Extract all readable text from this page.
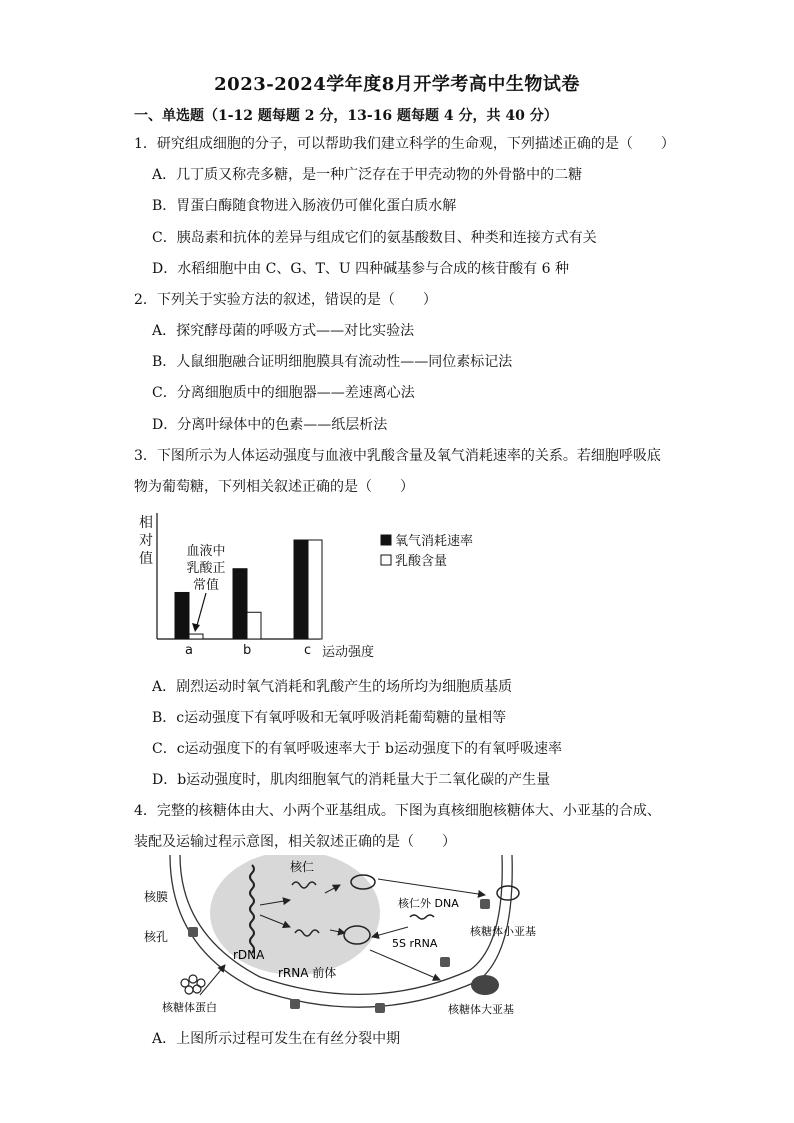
2023-2024学年度8月开学考高中生物试卷
一、单选题（1-12 题每题 2 分，13-16 题每题 4 分，共 40 分）
1．研究组成细胞的分子，可以帮助我们建立科学的生命观，下列描述正确的是（　　）
A．几丁质又称壳多糖，是一种广泛存在于甲壳动物的外骨骼中的二糖
B．胃蛋白酶随食物进入肠液仍可催化蛋白质水解
C．胰岛素和抗体的差异与组成它们的氨基酸数目、种类和连接方式有关
D．水稻细胞中由 C、G、T、U 四种碱基参与合成的核苷酸有 6 种
2．下列关于实验方法的叙述，错误的是（　　）
A．探究酵母菌的呼吸方式——对比实验法
B．人鼠细胞融合证明细胞膜具有流动性——同位素标记法
C．分离细胞质中的细胞器——差速离心法
D．分离叶绿体中的色素——纸层析法
3．下图所示为人体运动强度与血液中乳酸含量及氧气消耗速率的关系。若细胞呼吸底
物为葡萄糖，下列相关叙述正确的是（　　）
相对值
a	b	c 运动强度
血液中乳酸正常值
氧气消耗速率
乳酸含量
A．剧烈运动时氧气消耗和乳酸产生的场所均为细胞质基质
B．c运动强度下有氧呼吸和无氧呼吸消耗葡萄糖的量相等
C．c运动强度下的有氧呼吸速率大于 b运动强度下的有氧呼吸速率
D．b运动强度时，肌肉细胞氧气的消耗量大于二氧化碳的产生量
4．完整的核糖体由大、小两个亚基组成。下图为真核细胞核糖体大、小亚基的合成、
装配及运输过程示意图，相关叙述正确的是（　　）
核仁
核膜
核孔
rDNA
rRNA 前体
核仁外 DNA
5S rRNA
核糖体蛋白
核糖体小亚基
核糖体大亚基
A．上图所示过程可发生在有丝分裂中期
